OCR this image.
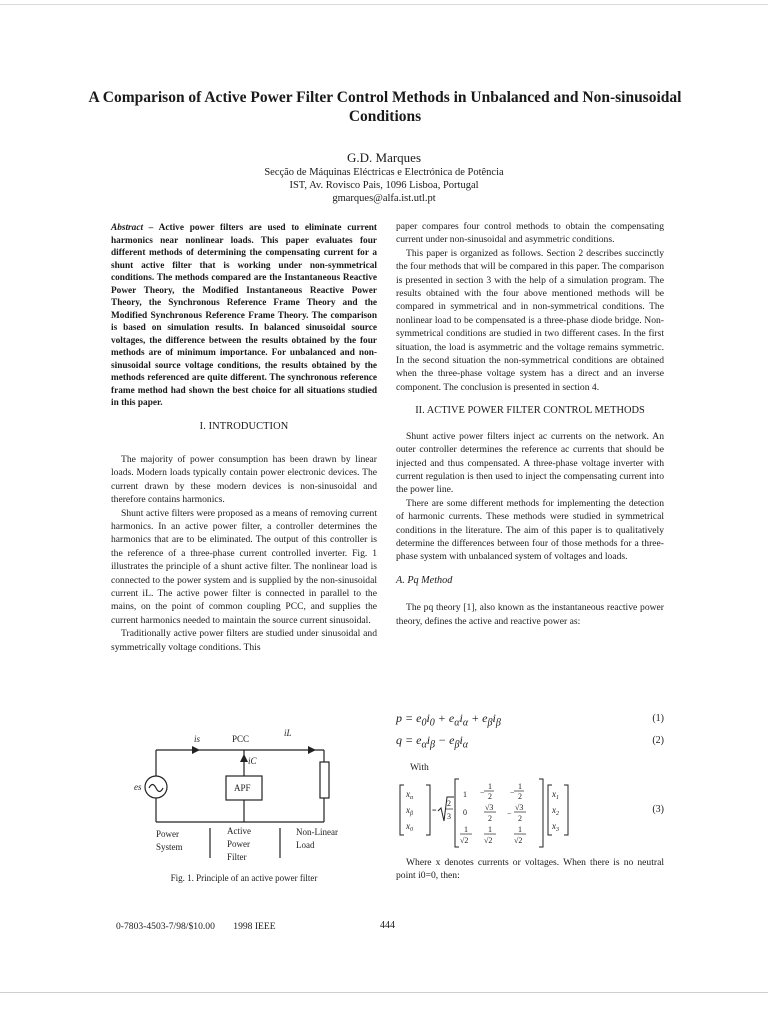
A Comparison of Active Power Filter Control Methods in Unbalanced and Non-sinusoidal Conditions
G.D. Marques
Secção de Máquinas Eléctricas e Electrónica de Potência
IST, Av. Rovisco Pais, 1096 Lisboa, Portugal
gmarques@alfa.ist.utl.pt
Abstract – Active power filters are used to eliminate current harmonics near nonlinear loads. This paper evaluates four different methods of determining the compensating current for a shunt active filter that is working under non-symmetrical conditions. The methods compared are the Instantaneous Reactive Power Theory, the Modified Instantaneous Reactive Power Theory, the Synchronous Reference Frame Theory and the Modified Synchronous Reference Frame Theory. The comparison is based on simulation results. In balanced sinusoidal source voltages, the difference between the results obtained by the four methods are of minimum importance. For unbalanced and non-sinusoidal source voltage conditions, the results obtained by the methods referenced are quite different. The synchronous reference frame method had shown the best choice for all situations studied in this paper.
I. INTRODUCTION

The majority of power consumption has been drawn by linear loads. Modern loads typically contain power electronic devices. The current drawn by these modern devices is non-sinusoidal and therefore contains harmonics.

Shunt active filters were proposed as a means of removing current harmonics. In an active power filter, a controller determines the harmonics that are to be eliminated. The output of this controller is the reference of a three-phase current controlled inverter. Fig. 1 illustrates the principle of a shunt active filter. The nonlinear load is connected to the power system and is supplied by the non-sinusoidal current iL. The active power filter is connected in parallel to the mains, on the point of common coupling PCC, and supplies the current harmonics needed to maintain the source current sinusoidal.

Traditionally active power filters are studied under sinusoidal and symmetrically voltage conditions. This

is	PCC
iL
iC
es	APF
Power
System
Active
Power
Filter
Non-Linear
Load
Fig. 1. Principle of an active power filter

paper compares four control methods to obtain the compensating current under non-sinusoidal and asymmetric conditions.

This paper is organized as follows. Section 2 describes succinctly the four methods that will be compared in this paper. The comparison is presented in section 3 with the help of a simulation program. The results obtained with the four above mentioned methods will be compared in symmetrical and in non-symmetrical conditions. The nonlinear load to be compensated is a three-phase diode bridge. Non-symmetrical conditions are studied in two different cases. In the first situation, the load is asymmetric and the voltage remains symmetric. In the second situation the non-symmetrical conditions are obtained when the three-phase voltage system has a direct and an inverse component. The conclusion is presented in section 4.

II. ACTIVE POWER FILTER CONTROL METHODS

Shunt active power filters inject ac currents on the network. An outer controller determines the reference ac currents that should be injected and thus compensated. A three-phase voltage inverter with current regulation is then used to inject the compensating current into the power line.

There are some different methods for implementing the detection of harmonic currents. These methods were studied in symmetrical conditions in the literature. The aim of this paper is to qualitatively determine the differences between four of those methods for a three-phase system with unbalanced system of voltages and loads.

A. Pq Method

The pq theory [1], also known as the instantaneous reactive power theory, defines the active and reactive power as:

$p = e_0i_0 + e_\alpha i_\alpha + e_\beta i_\beta$	(1)
$q = e_\alpha i_\beta - e_\beta i_\alpha$	(2)
With
$x_\alpha$
$x_\beta$
$x_0$
$x_1$
$x_2$
$x_3$
=
2
3
1
1
2
−
1
2
−
0
√3
2
√3
2
−
1
√2
1
√2
1
√2
(3)

Where x denotes currents or voltages. When there is no neutral point i0=0, then:

0-7803-4503-7/98/$10.00 1998 IEEE	444
